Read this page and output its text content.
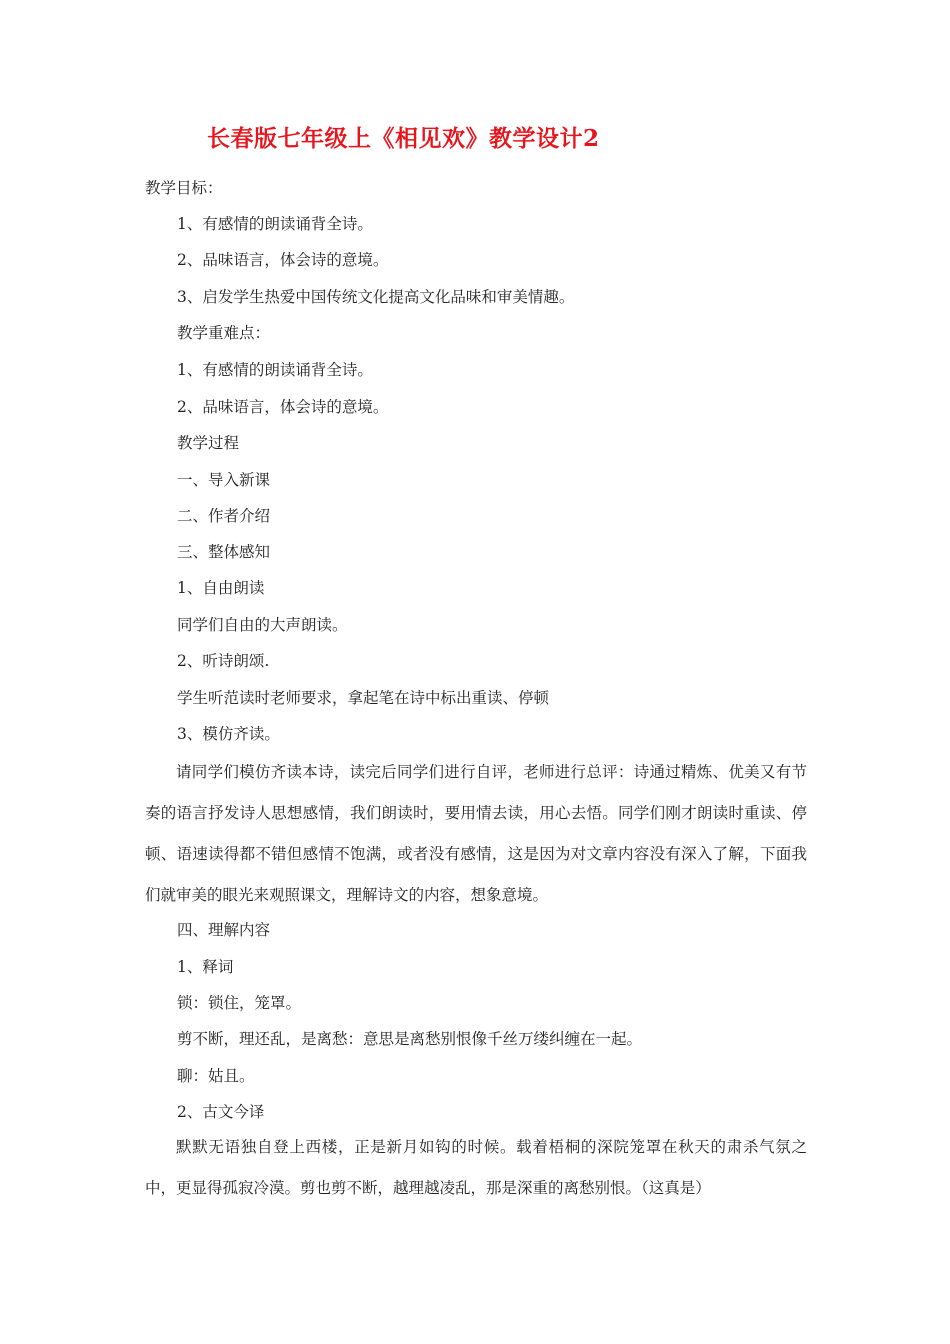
长春版七年级上《相见欢》教学设计2
教学目标：
1、有感情的朗读诵背全诗。
2、品味语言，体会诗的意境。
3、启发学生热爱中国传统文化提高文化品味和审美情趣。
教学重难点：
1、有感情的朗读诵背全诗。
2、品味语言，体会诗的意境。
教学过程
一、导入新课
二、作者介绍
三、整体感知
1、自由朗读
同学们自由的大声朗读。
2、听诗朗颂.
学生听范读时老师要求，拿起笔在诗中标出重读、停顿
3、模仿齐读。
请同学们模仿齐读本诗，读完后同学们进行自评，老师进行总评：诗通过精炼、优美又有节奏的语言抒发诗人思想感情，我们朗读时，要用情去读，用心去悟。同学们刚才朗读时重读、停顿、语速读得都不错但感情不饱满，或者没有感情，这是因为对文章内容没有深入了解，下面我们就审美的眼光来观照课文，理解诗文的内容，想象意境。
四、理解内容
1、释词
锁：锁住，笼罩。
剪不断，理还乱，是离愁：意思是离愁别恨像千丝万缕纠缠在一起。
聊：姑且。
2、古文今译
默默无语独自登上西楼，正是新月如钩的时候。载着梧桐的深院笼罩在秋天的肃杀气氛之中，更显得孤寂冷漠。剪也剪不断，越理越凌乱，那是深重的离愁别恨。（这真是）
